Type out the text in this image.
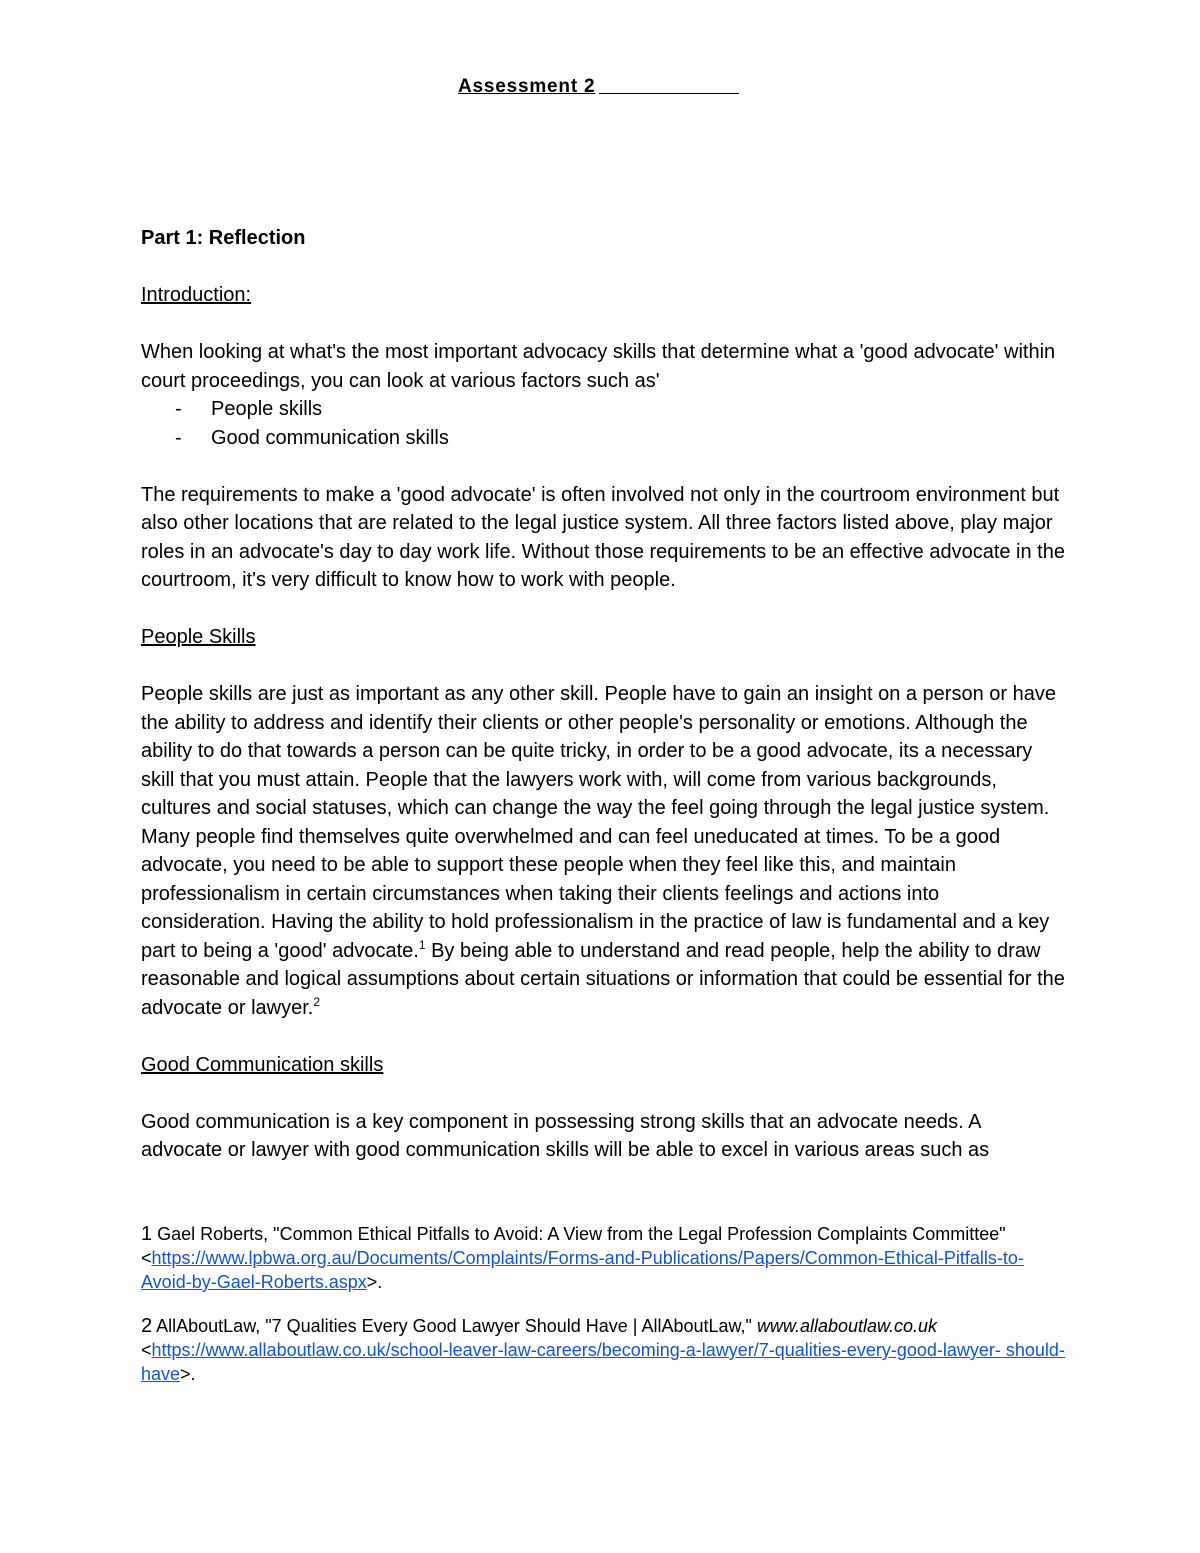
Assessment 2
Part 1: Reflection
Introduction:

When looking at what's the most important advocacy skills that determine what a 'good advocate' within court proceedings, you can look at various factors such as'

- People skills
- Good communication skills

The requirements to make a 'good advocate' is often involved not only in the courtroom environment but also other locations that are related to the legal justice system. All three factors listed above, play major roles in an advocate's day to day work life. Without those requirements to be an effective advocate in the courtroom, it's very difficult to know how to work with people.

People Skills

People skills are just as important as any other skill. People have to gain an insight on a person or have the ability to address and identify their clients or other people's personality or emotions. Although the ability to do that towards a person can be quite tricky, in order to be a good advocate, its a necessary skill that you must attain. People that the lawyers work with, will come from various backgrounds, cultures and social statuses, which can change the way the feel going through the legal justice system. Many people find themselves quite overwhelmed and can feel uneducated at times. To be a good advocate, you need to be able to support these people when they feel like this, and maintain professionalism in certain circumstances when taking their clients feelings and actions into consideration. Having the ability to hold professionalism in the practice of law is fundamental and a key part to being a 'good' advocate.$^1$ By being able to understand and read people, help the ability to draw reasonable and logical assumptions about certain situations or information that could be essential for the advocate or lawyer.$^2$

Good Communication skills

Good communication is a key component in possessing strong skills that an advocate needs. A advocate or lawyer with good communication skills will be able to excel in various areas such as

1 Gael Roberts, "Common Ethical Pitfalls to Avoid: A View from the Legal Profession Complaints Committee" <https://www.lpbwa.org.au/Documents/Complaints/Forms-and-Publications/Papers/Common-Ethical-Pitfalls-to- Avoid-by-Gael-Roberts.aspx>.
2 AllAboutLaw, "7 Qualities Every Good Lawyer Should Have | AllAboutLaw," www.allaboutlaw.co.uk <https://www.allaboutlaw.co.uk/school-leaver-law-careers/becoming-a-lawyer/7-qualities-every-good-lawyer- should-have>.
